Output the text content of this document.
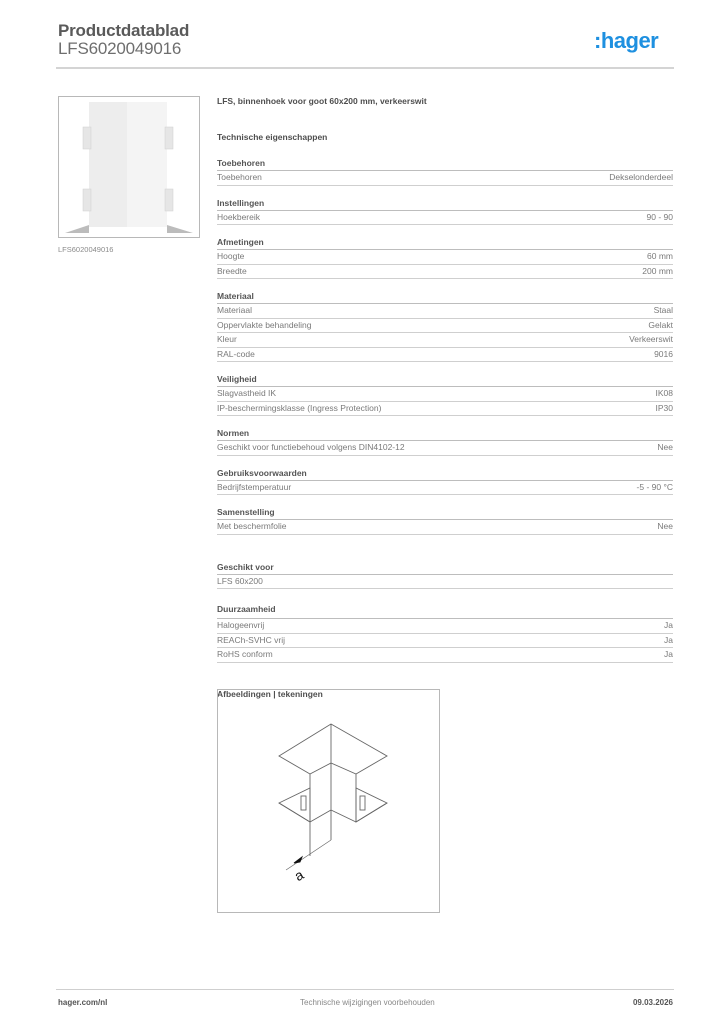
Productdatablad
LFS6020049016	:hager
LFS6020049016
LFS, binnenhoek voor goot 60x200 mm, verkeerswit
Technische eigenschappen
Toebehoren
Toebehoren	Dekselonderdeel
Instellingen
Hoekbereik	90 - 90
Afmetingen
Hoogte	60 mm
Breedte	200 mm
Materiaal
Materiaal	Staal
Oppervlakte behandeling	Gelakt
Kleur	Verkeerswit
RAL-code	9016
Veiligheid
Slagvastheid IK	IK08
IP-beschermingsklasse (Ingress Protection)	IP30
Normen
Geschikt voor functiebehoud volgens DIN4102-12	Nee
Gebruiksvoorwaarden
Bedrijfstemperatuur	-5 - 90 °C
Samenstelling
Met beschermfolie	Nee
Geschikt voor
LFS 60x200
Duurzaamheid
Halogeenvrij	Ja
REACh-SVHC vrij	Ja
RoHS conform	Ja
Afbeeldingen | tekeningen
a
hager.com/nl	Technische wijzigingen voorbehouden	09.03.2026
